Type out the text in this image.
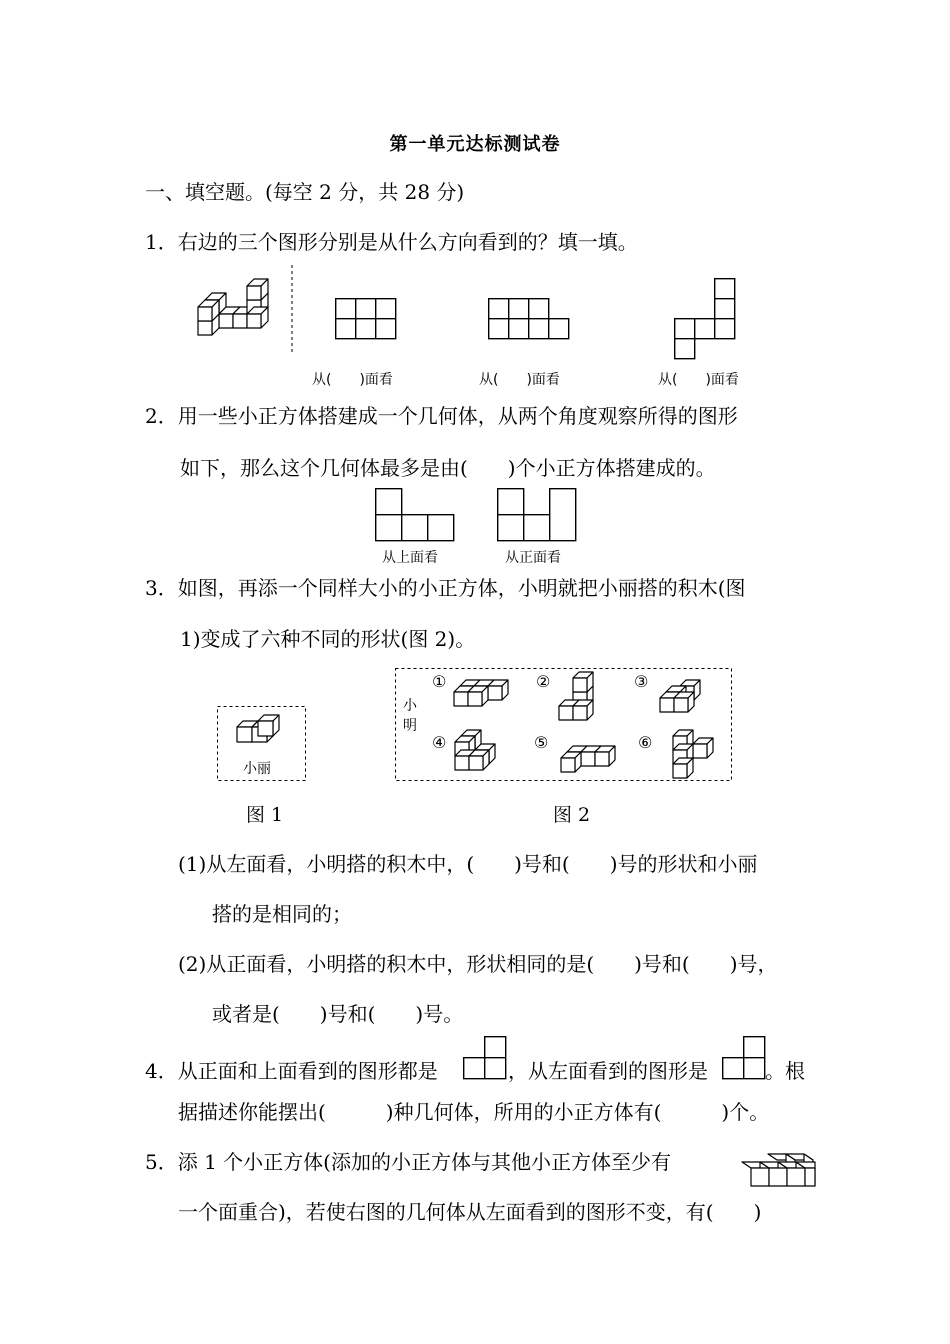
第一单元达标测试卷
一、填空题。(每空 2 分，共 28 分)
1．右边的三个图形分别是从什么方向看到的？填一填。
从(　　)面看	从(　　)面看	从(　　)面看
2．用一些小正方体搭建成一个几何体，从两个角度观察所得的图形
如下，那么这个几何体最多是由(　　)个小正方体搭建成的。
从上面看	从正面看
3．如图，再添一个同样大小的小正方体，小明就把小丽搭的积木(图
1)变成了六种不同的形状(图 2)。
小丽
小
明
①	②	③
④	⑤	⑥
图 1	图 2
(1)从左面看，小明搭的积木中，(　　)号和(　　)号的形状和小丽
搭的是相同的；
(2)从正面看，小明搭的积木中，形状相同的是(　　)号和(　　)号，
或者是(　　)号和(　　)号。
4．从正面和上面看到的图形都是	，从左面看到的图形是	。根
据描述你能摆出(　　　)种几何体，所用的小正方体有(　　　)个。
5．添 1 个小正方体(添加的小正方体与其他小正方体至少有
一个面重合)，若使右图的几何体从左面看到的图形不变，有(　　)
